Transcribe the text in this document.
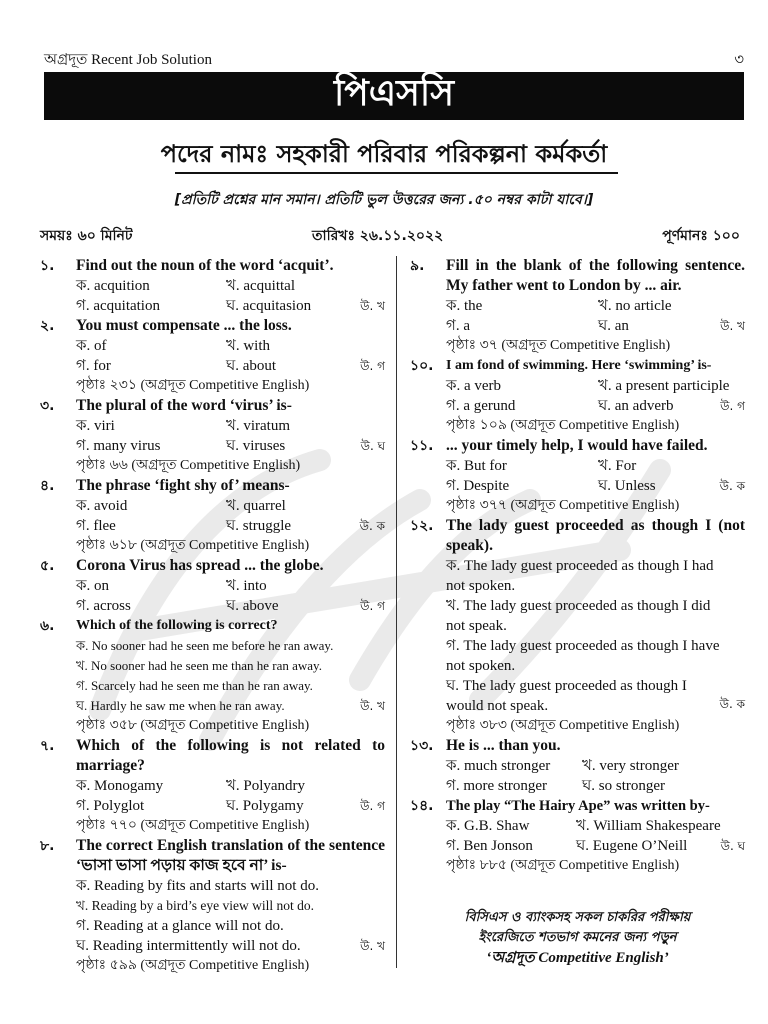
অগ্রদূত Recent Job Solution	৩
পিএসসি
পদের নামঃ সহকারী পরিবার পরিকল্পনা কর্মকর্তা
[প্রতিটি প্রশ্নের মান সমান। প্রতিটি ভুল উত্তরের জন্য .৫০ নম্বর কাটা যাবে।]
সময়ঃ ৬০ মিনিট	তারিখঃ ২৬.১১.২০২২	পূর্ণমানঃ ১০০
১.	Find out the noun of the word ‘acquit’.
ক. acquition	খ. acquittal
গ. acquitation	ঘ. acquitasion	উ. খ
২.	You must compensate ... the loss.
ক. of	খ. with
গ. for	ঘ. about	উ. গ
পৃষ্ঠাঃ ২৩১ (অগ্রদূত Competitive English)
৩.	The plural of the word ‘virus’ is-
ক. viri	খ. viratum
গ. many virus	ঘ. viruses	উ. ঘ
পৃষ্ঠাঃ ৬৬ (অগ্রদূত Competitive English)
৪.	The phrase ‘fight shy of’ means-
ক. avoid	খ. quarrel
গ. flee	ঘ. struggle	উ. ক
পৃষ্ঠাঃ ৬১৮ (অগ্রদূত Competitive English)
৫.	Corona Virus has spread ... the globe.
ক. on	খ. into
গ. across	ঘ. above	উ. গ
৬.	Which of the following is correct?
ক. No sooner had he seen me before he ran away.
খ. No sooner had he seen me than he ran away.
গ. Scarcely had he seen me than he ran away.
ঘ. Hardly he saw me when he ran away.	উ. খ
পৃষ্ঠাঃ ৩৫৮ (অগ্রদূত Competitive English)
৭.	Which of the following is not related to marriage?
ক. Monogamy	খ. Polyandry
গ. Polyglot	ঘ. Polygamy	উ. গ
পৃষ্ঠাঃ ৭৭০ (অগ্রদূত Competitive English)
৮.	The correct English translation of the sentence ‘ভাসা ভাসা পড়ায় কাজ হবে না’ is-
ক. Reading by fits and starts will not do.
খ. Reading by a bird’s eye view will not do.
গ. Reading at a glance will not do.
ঘ. Reading intermittently will not do.	উ. খ
পৃষ্ঠাঃ ৫৯৯ (অগ্রদূত Competitive English)
৯.	Fill in the blank of the following sentence. My father went to London by ... air.
ক. the	খ. no article
গ. a	ঘ. an	উ. খ
পৃষ্ঠাঃ ৩৭ (অগ্রদূত Competitive English)
১০. I am fond of swimming. Here ‘swimming’ is-
ক. a verb	খ. a present participle
গ. a gerund	ঘ. an adverb	উ. গ
পৃষ্ঠাঃ ১০৯ (অগ্রদূত Competitive English)
১১. ... your timely help, I would have failed.
ক. But for	খ. For
গ. Despite	ঘ. Unless	উ. ক
পৃষ্ঠাঃ ৩৭৭ (অগ্রদূত Competitive English)
১২. The lady guest proceeded as though I (not speak).
ক. The lady guest proceeded as though I had not spoken.
খ. The lady guest proceeded as though I did not speak.
গ. The lady guest proceeded as though I have not spoken.
ঘ. The lady guest proceeded as though I would not speak.	উ. ক
পৃষ্ঠাঃ ৩৮৩ (অগ্রদূত Competitive English)
১৩. He is ... than you.
ক. much stronger	খ. very stronger
গ. more stronger	ঘ. so stronger
১৪. The play “The Hairy Ape” was written by-
ক. G.B. Shaw	খ. William Shakespeare
গ. Ben Jonson	ঘ. Eugene O’Neill	উ. ঘ
পৃষ্ঠাঃ ৮৮৫ (অগ্রদূত Competitive English)
বিসিএস ও ব্যাংকসহ সকল চাকরির পরীক্ষায়
ইংরেজিতে শতভাগ কমনের জন্য পড়ুন
‘অগ্রদূত Competitive English’
